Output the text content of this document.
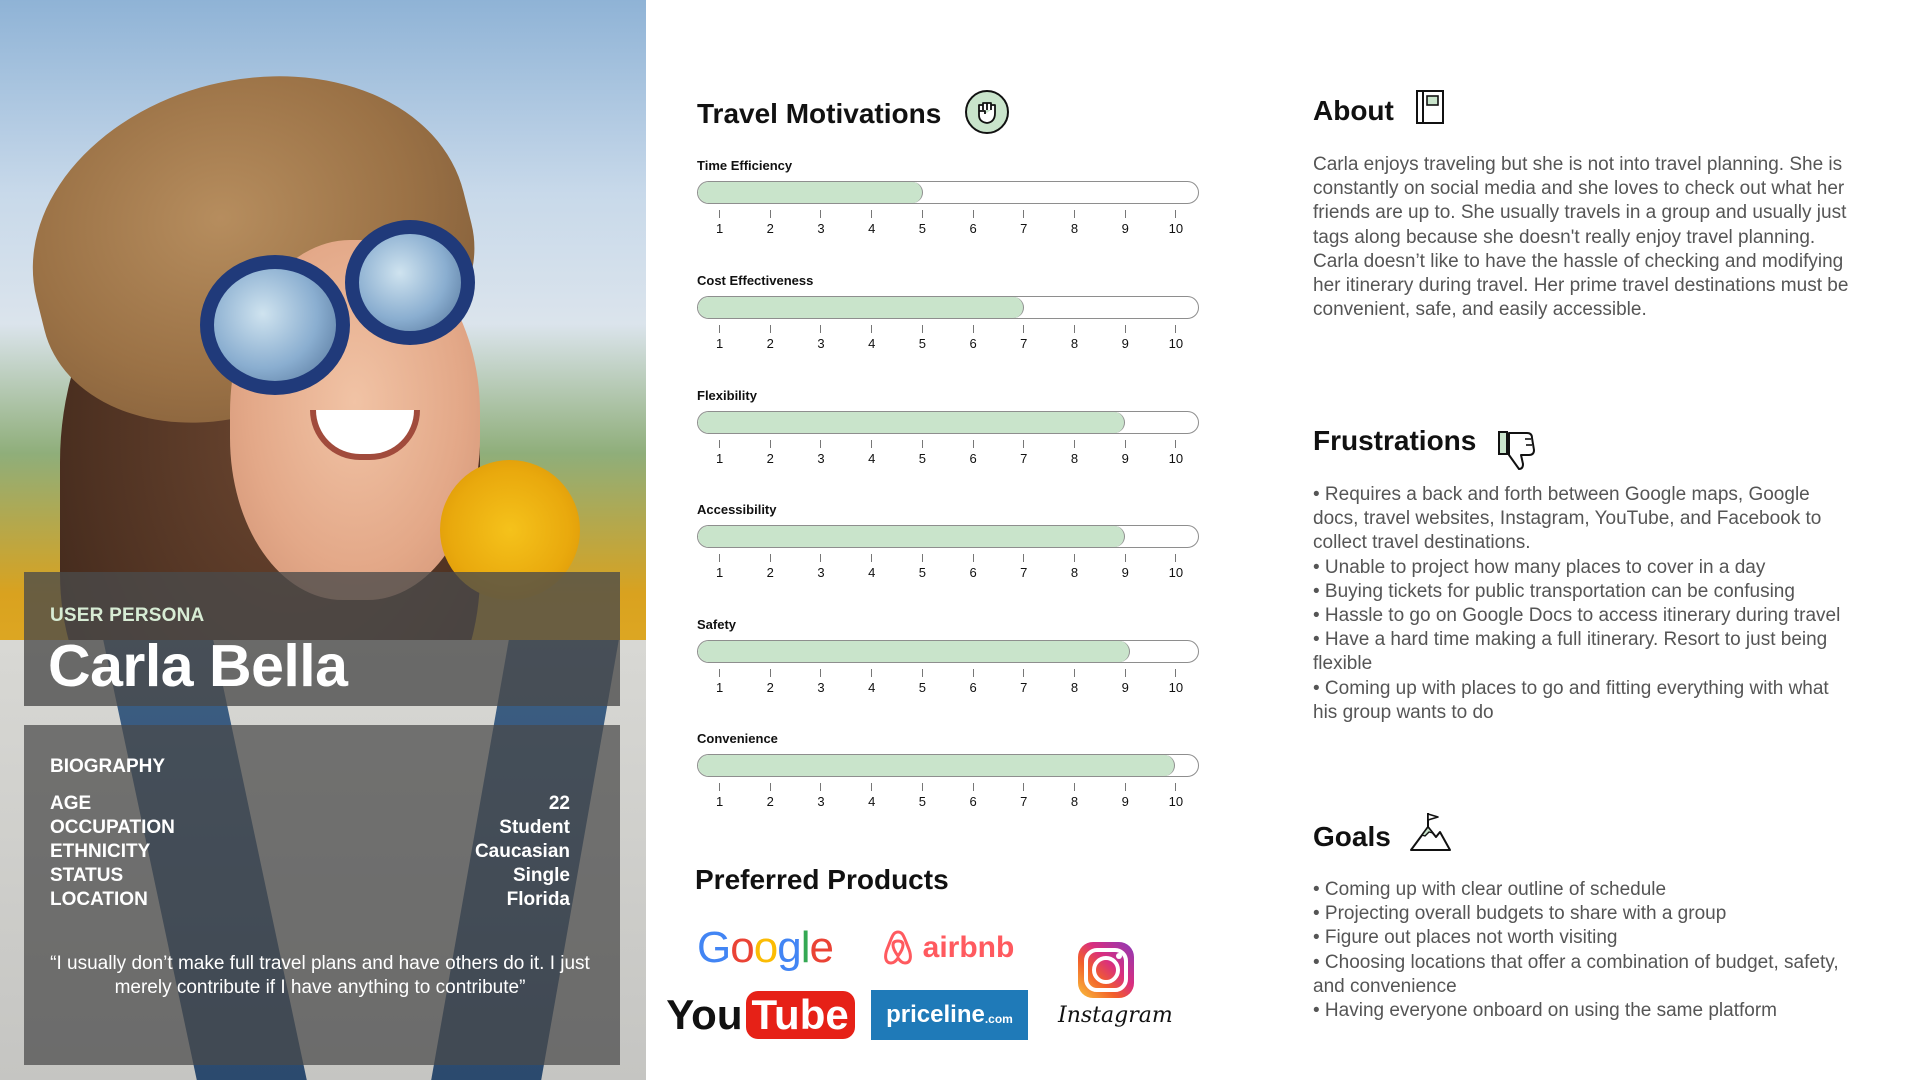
USER PERSONA
Carla Bella
BIOGRAPHY
AGE	22
OCCUPATION	Student
ETHNICITY	Caucasian
STATUS	Single
LOCATION	Florida
“I usually don’t make full travel plans and have others do it. I just merely contribute if I have anything to contribute”
Travel Motivations
Time Efficiency
1	2	3	4	5	6	7	8	9	10
Cost Effectiveness
1	2	3	4	5	6	7	8	9	10
Flexibility
1	2	3	4	5	6	7	8	9	10
Accessibility
1	2	3	4	5	6	7	8	9	10
Safety
1	2	3	4	5	6	7	8	9	10
Convenience
1	2	3	4	5	6	7	8	9	10
Preferred Products
G o o g l e	airbnb
You Tube priceline .com Instagram
About
Carla enjoys traveling but she is not into travel planning. She is constantly on social media and she loves to check out what her friends are up to. She usually travels in a group and usually just tags along because she doesn't really enjoy travel planning. Carla doesn’t like to have the hassle of checking and modifying her itinerary during travel. Her prime travel destinations must be convenient, safe, and easily accessible.
Frustrations
• Requires a back and forth between Google maps, Google docs, travel websites, Instagram, YouTube, and Facebook to collect travel destinations.
• Unable to project how many places to cover in a day
• Buying tickets for public transportation can be confusing
• Hassle to go on Google Docs to access itinerary during travel
• Have a hard time making a full itinerary. Resort to just being flexible
• Coming up with places to go and fitting everything with what his group wants to do
Goals
• Coming up with clear outline of schedule
• Projecting overall budgets to share with a group
• Figure out places not worth visiting
• Choosing locations that offer a combination of budget, safety, and convenience
• Having everyone onboard on using the same platform
